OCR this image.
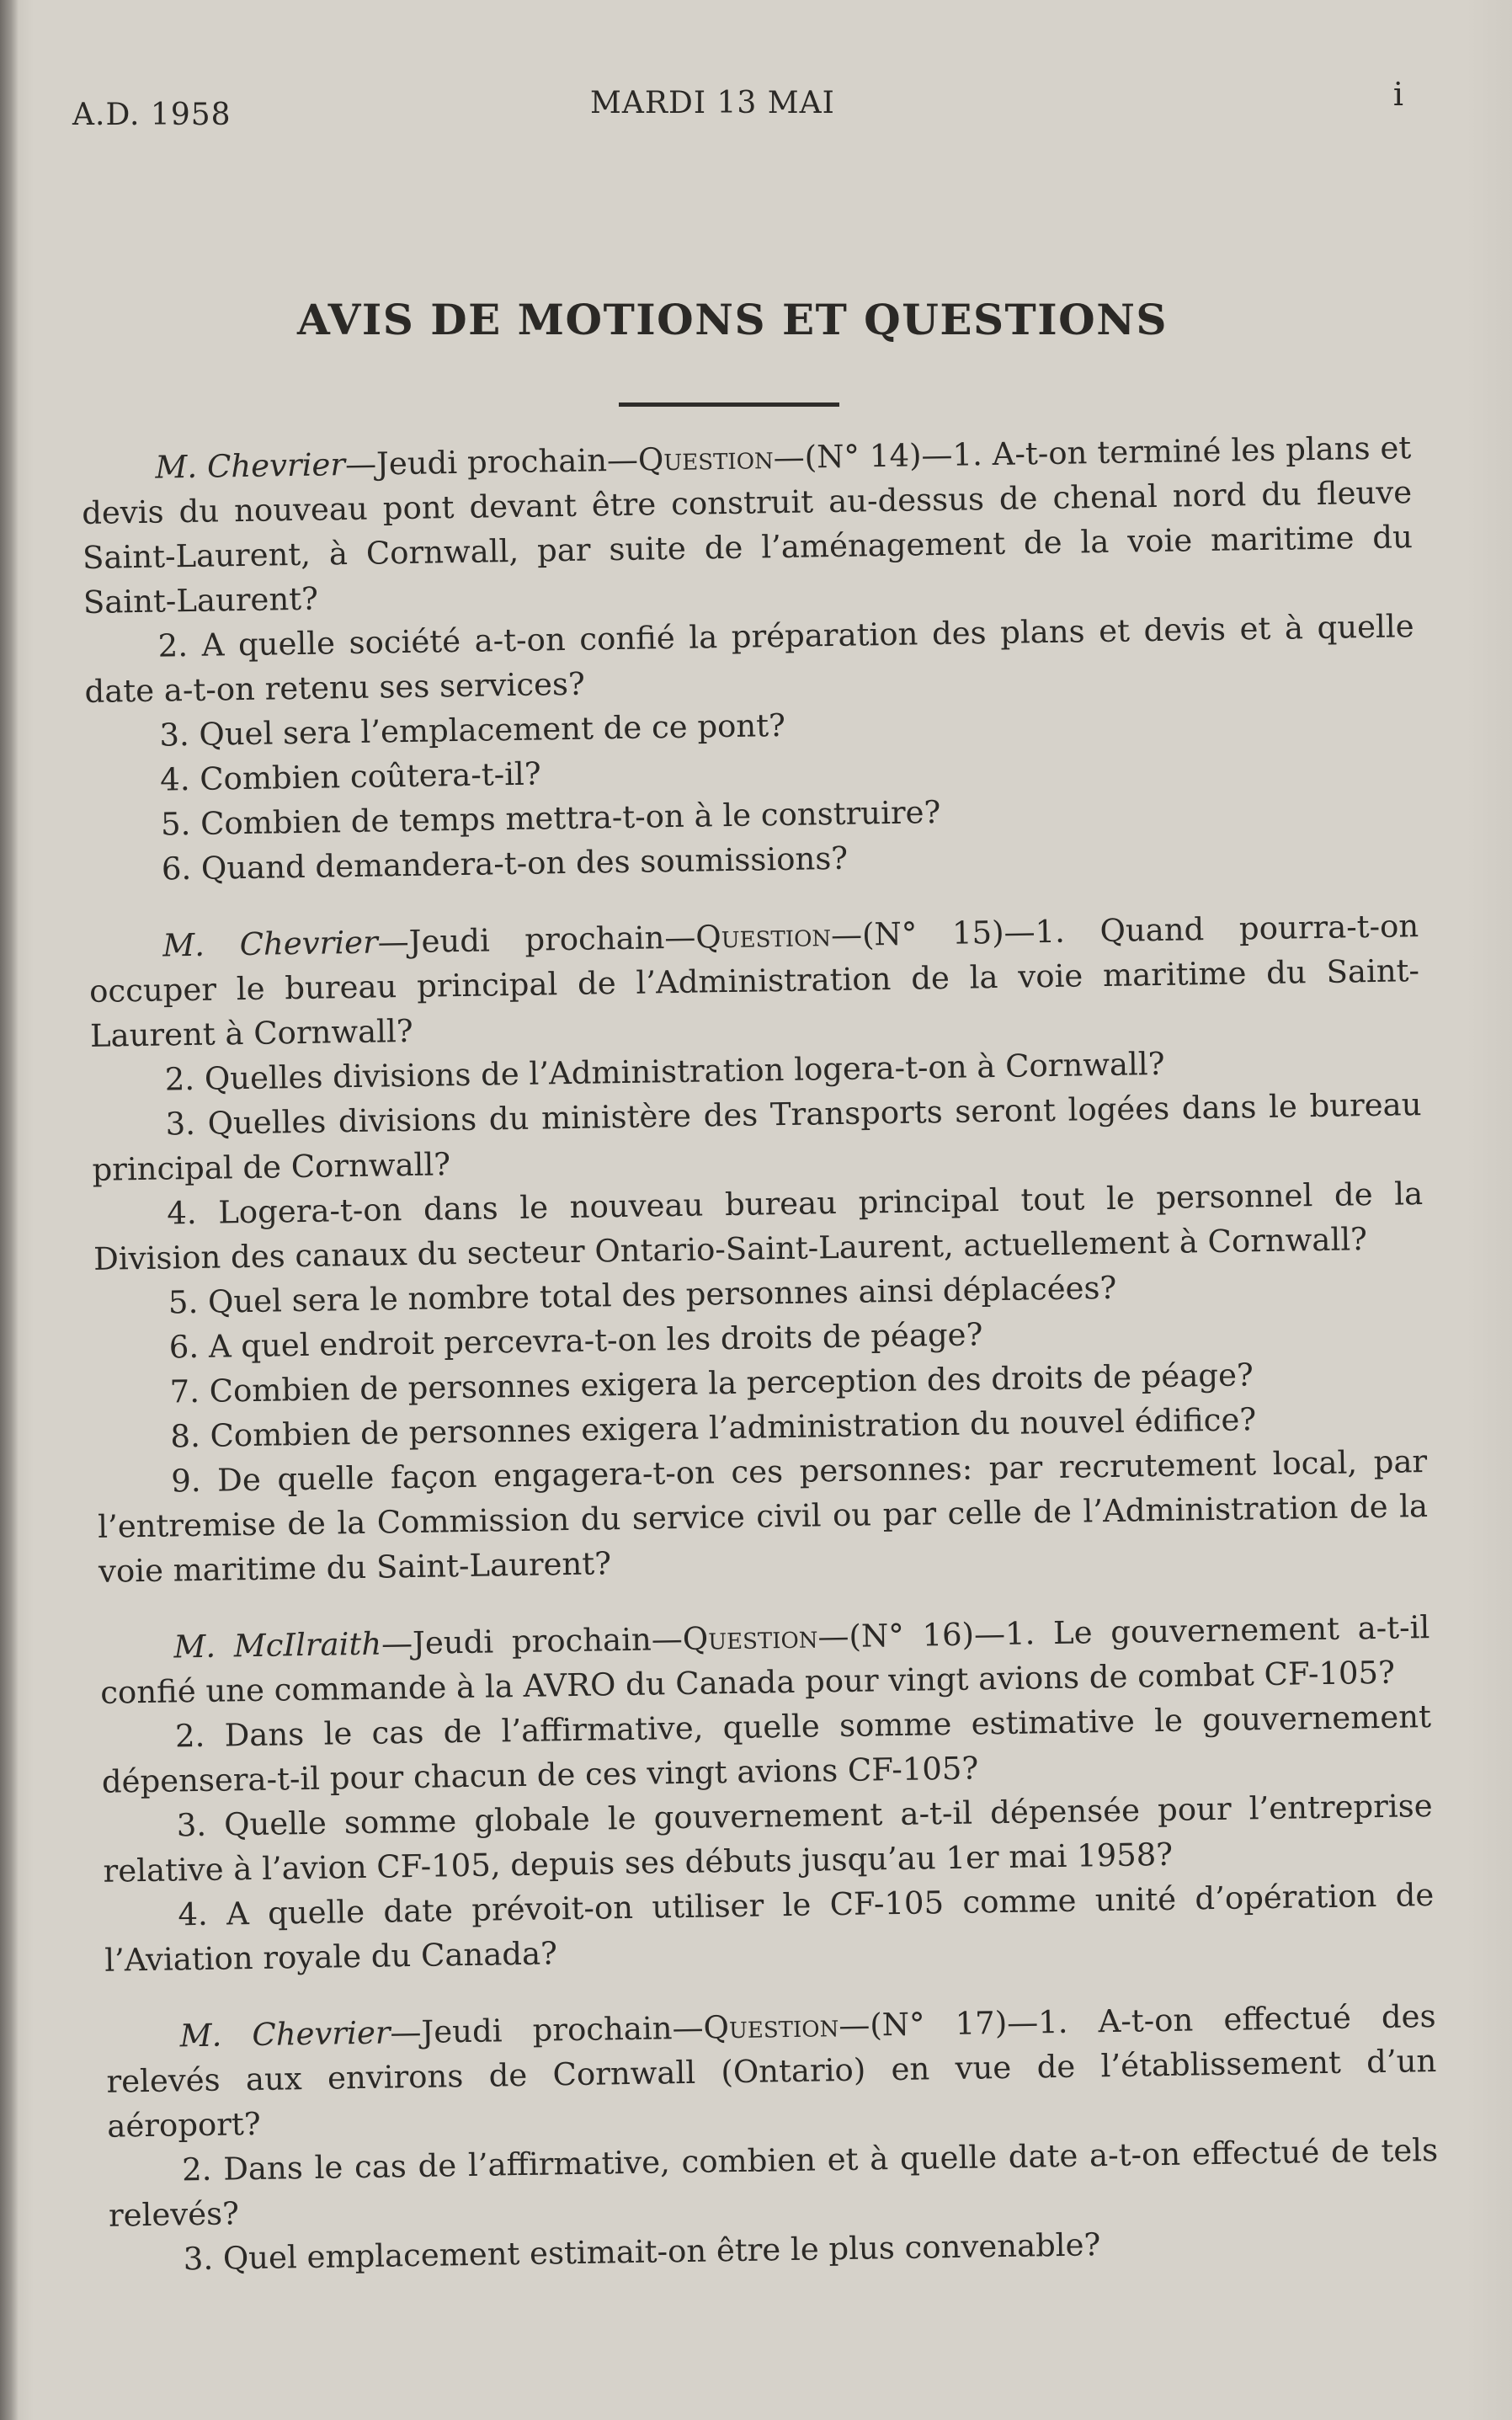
A.D. 1958	MARDI 13 MAI	i
AVIS DE MOTIONS ET QUESTIONS

M. Chevrier—Jeudi prochain—Question—(N° 14)—1. A-t-on terminé les plans et devis du nouveau pont devant être construit au-dessus de chenal nord du fleuve Saint-Laurent, à Cornwall, par suite de l’aménagement de la voie maritime du Saint-Laurent?

2. A quelle société a-t-on confié la préparation des plans et devis et à quelle date a-t-on retenu ses services?

3. Quel sera l’emplacement de ce pont?

4. Combien coûtera-t-il?

5. Combien de temps mettra-t-on à le construire?

6. Quand demandera-t-on des soumissions?

M. Chevrier—Jeudi prochain—Question—(N° 15)—1. Quand pourra-t-on occuper le bureau principal de l’Administration de la voie maritime du Saint-Laurent à Cornwall?

2. Quelles divisions de l’Administration logera-t-on à Cornwall?

3. Quelles divisions du ministère des Transports seront logées dans le bureau principal de Cornwall?

4. Logera-t-on dans le nouveau bureau principal tout le personnel de la Division des canaux du secteur Ontario-Saint-Laurent, actuellement à Cornwall?

5. Quel sera le nombre total des personnes ainsi déplacées?

6. A quel endroit percevra-t-on les droits de péage?

7. Combien de personnes exigera la perception des droits de péage?

8. Combien de personnes exigera l’administration du nouvel édifice?

9. De quelle façon engagera-t-on ces personnes: par recrutement local, par l’entremise de la Commission du service civil ou par celle de l’Administration de la voie maritime du Saint-Laurent?

M. McIlraith—Jeudi prochain—Question—(N° 16)—1. Le gouvernement a-t-il confié une commande à la AVRO du Canada pour vingt avions de combat CF-105?

2. Dans le cas de l’affirmative, quelle somme estimative le gouvernement dépensera-t-il pour chacun de ces vingt avions CF-105?

3. Quelle somme globale le gouvernement a-t-il dépensée pour l’entreprise relative à l’avion CF-105, depuis ses débuts jusqu’au 1er mai 1958?

4. A quelle date prévoit-on utiliser le CF-105 comme unité d’opération de l’Aviation royale du Canada?

M. Chevrier—Jeudi prochain—Question—(N° 17)—1. A-t-on effectué des relevés aux environs de Cornwall (Ontario) en vue de l’établissement d’un aéroport?

2. Dans le cas de l’affirmative, combien et à quelle date a-t-on effectué de tels relevés?

3. Quel emplacement estimait-on être le plus convenable?
